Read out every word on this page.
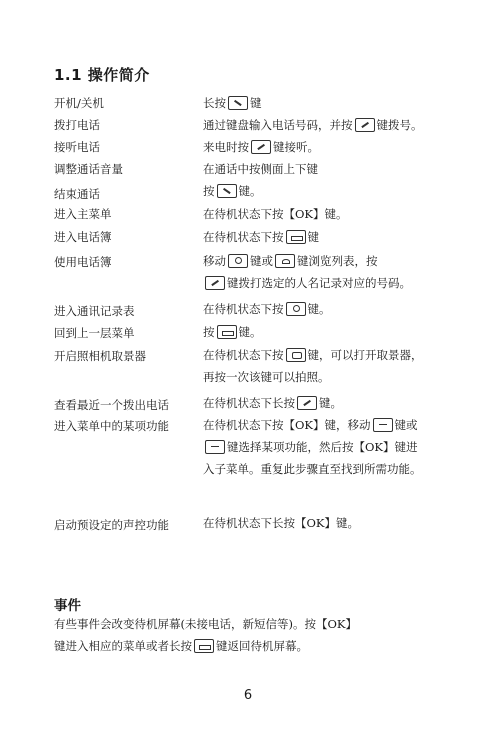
1.1 操作简介
开机/关机	长按 键
拨打电话	通过键盘输入电话号码，并按 键拨号。
接听电话	来电时按 键接听。
调整通话音量	在通话中按侧面上下键
结束通话	按 键。
进入主菜单	在待机状态下按【OK】键。
进入电话簿	在待机状态下按 键
使用电话簿	移动 键或 键浏览列表，按
键拨打选定的人名记录对应的号码。
进入通讯记录表	在待机状态下按 键。
回到上一层菜单	按 键。
开启照相机取景器	在待机状态下按 键，可以打开取景器，
再按一次该键可以拍照。
查看最近一个拨出电话	在待机状态下长按 键。
进入菜单中的某项功能	在待机状态下按【OK】键，移动 键或
键选择某项功能，然后按【OK】键进
入子菜单。重复此步骤直至找到所需功能。
启动预设定的声控功能	在待机状态下长按【OK】键。
事件
有些事件会改变待机屏幕(未接电话，新短信等)。按【OK】
键进入相应的菜单或者长按 键返回待机屏幕。
6
